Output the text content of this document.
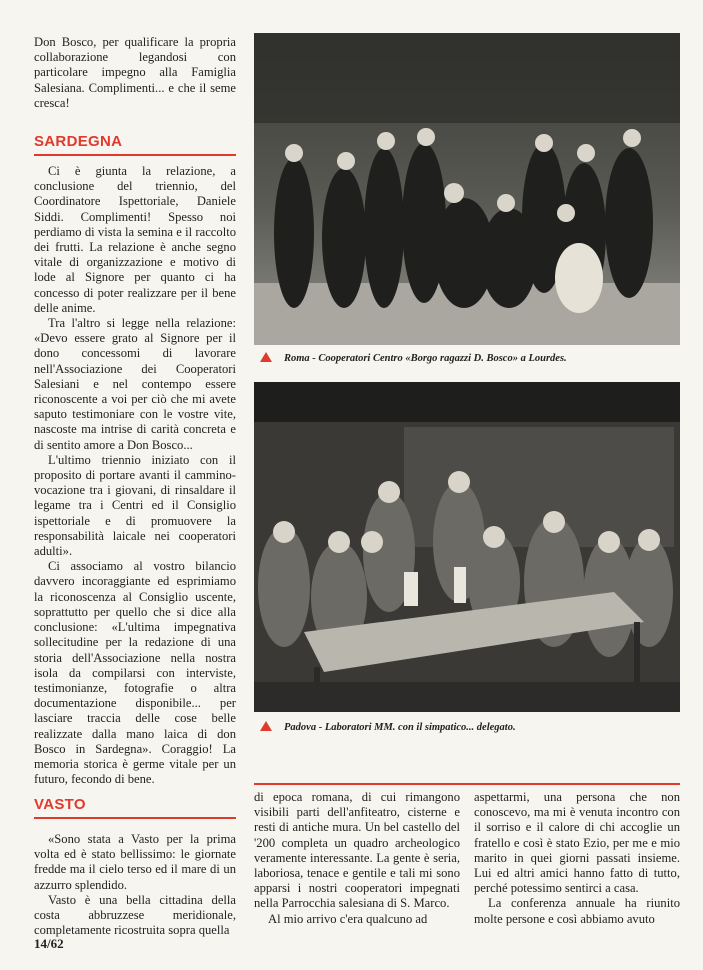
Don Bosco, per qualificare la propria collaborazione legandosi con particolare impegno alla Famiglia Salesiana. Complimenti... e che il seme cresca!

SARDEGNA

Ci è giunta la relazione, a conclusione del triennio, del Coordinatore Ispettoriale, Daniele Siddi. Complimenti! Spesso noi perdiamo di vista la semina e il raccolto dei frutti. La relazione è anche segno vitale di organizzazione e motivo di lode al Signore per quanto ci ha concesso di poter realizzare per il bene delle anime.

Tra l'altro si legge nella relazione: «Devo essere grato al Signore per il dono concessomi di lavorare nell'Associazione dei Cooperatori Salesiani e nel contempo essere riconoscente a voi per ciò che mi avete saputo testimoniare con le vostre vite, nascoste ma intrise di carità concreta e di sentito amore a Don Bosco...

L'ultimo triennio iniziato con il proposito di portare avanti il cammino-vocazione tra i giovani, di rinsaldare il legame tra i Centri ed il Consiglio ispettoriale e di promuovere la responsabilità laicale nei cooperatori adulti».

Ci associamo al vostro bilancio davvero incoraggiante ed esprimiamo la riconoscenza al Consiglio uscente, soprattutto per quello che si dice alla conclusione: «L'ultima impegnativa sollecitudine per la redazione di una storia dell'Associazione nella nostra isola da compilarsi con interviste, testimonianze, fotografie o altra documentazione disponibile... per lasciare traccia delle cose belle realizzate dalla mano laica di don Bosco in Sardegna». Coraggio! La memoria storica è germe vitale per un futuro, fecondo di bene.

VASTO

«Sono stata a Vasto per la prima volta ed è stato bellissimo: le giornate fredde ma il cielo terso ed il mare di un azzurro splendido.

Vasto è una bella cittadina della costa abbruzzese meridionale, completamente ricostruita sopra quella

Roma - Cooperatori Centro «Borgo ragazzi D. Bosco» a Lourdes.
Padova - Laboratori MM. con il simpatico... delegato.

di epoca romana, di cui rimangono visibili parti dell'anfiteatro, cisterne e resti di antiche mura. Un bel castello del '200 completa un quadro archeologico veramente interessante. La gente è seria, laboriosa, tenace e gentile e tali mi sono apparsi i nostri cooperatori impegnati nella Parrocchia salesiana di S. Marco.

Al mio arrivo c'era qualcuno ad

aspettarmi, una persona che non conoscevo, ma mi è venuta incontro con il sorriso e il calore di chi accoglie un fratello e così è stato Ezio, per me e mio marito in quei giorni passati insieme. Lui ed altri amici hanno fatto di tutto, perché potessimo sentirci a casa.

La conferenza annuale ha riunito molte persone e così abbiamo avuto

14/62
